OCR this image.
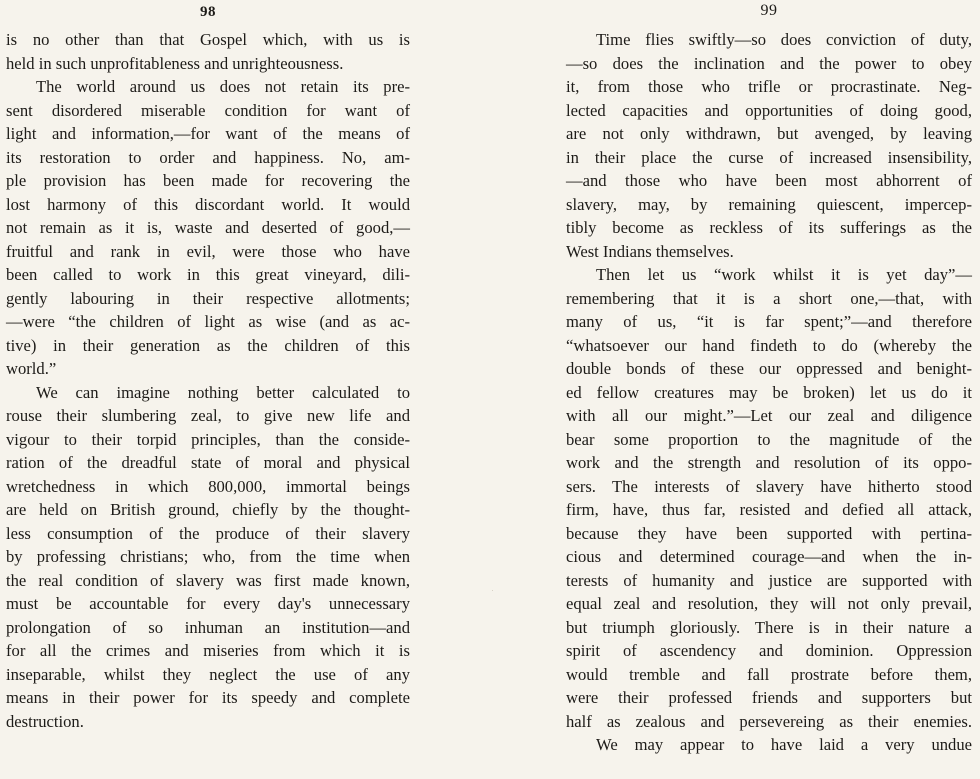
98
is no other than that Gospel which, with us is
held in such unprofitableness and unrighteousness.
The world around us does not retain its pre-
sent disordered miserable condition for want of
light and information,—for want of the means of
its restoration to order and happiness. No, am-
ple provision has been made for recovering the
lost harmony of this discordant world. It would
not remain as it is, waste and deserted of good,—
fruitful and rank in evil, were those who have
been called to work in this great vineyard, dili-
gently labouring in their respective allotments;
—were “the children of light as wise (and as ac-
tive) in their generation as the children of this
world.”
We can imagine nothing better calculated to
rouse their slumbering zeal, to give new life and
vigour to their torpid principles, than the conside-
ration of the dreadful state of moral and physical
wretchedness in which 800,000, immortal beings
are held on British ground, chiefly by the thought-
less consumption of the produce of their slavery
by professing christians; who, from the time when
the real condition of slavery was first made known,
must be accountable for every day's unnecessary
prolongation of so inhuman an institution—and
for all the crimes and miseries from which it is
inseparable, whilst they neglect the use of any
means in their power for its speedy and complete
destruction.
99
Time flies swiftly—so does conviction of duty,
—so does the inclination and the power to obey
it, from those who trifle or procrastinate. Neg-
lected capacities and opportunities of doing good,
are not only withdrawn, but avenged, by leaving
in their place the curse of increased insensibility,
—and those who have been most abhorrent of
slavery, may, by remaining quiescent, impercep-
tibly become as reckless of its sufferings as the
West Indians themselves.
Then let us “work whilst it is yet day”—
remembering that it is a short one,—that, with
many of us, “it is far spent;”—and therefore
“whatsoever our hand findeth to do (whereby the
double bonds of these our oppressed and benight-
ed fellow creatures may be broken) let us do it
with all our might.”—Let our zeal and diligence
bear some proportion to the magnitude of the
work and the strength and resolution of its oppo-
sers. The interests of slavery have hitherto stood
firm, have, thus far, resisted and defied all attack,
because they have been supported with pertina-
cious and determined courage—and when the in-
terests of humanity and justice are supported with
equal zeal and resolution, they will not only prevail,
but triumph gloriously. There is in their nature a
spirit of ascendency and dominion. Oppression
would tremble and fall prostrate before them,
were their professed friends and supporters but
half as zealous and persevereing as their enemies.
We may appear to have laid a very undue
